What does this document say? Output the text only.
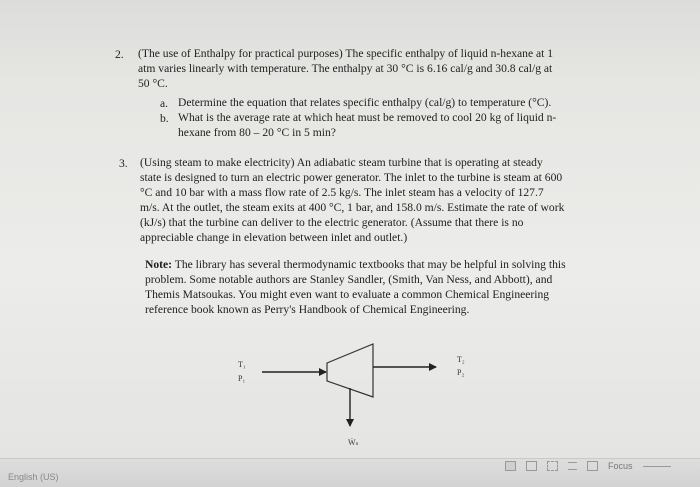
2. (The use of Enthalpy for practical purposes) The specific enthalpy of liquid n-hexane at 1
atm varies linearly with temperature. The enthalpy at 30 °C is 6.16 cal/g and 30.8 cal/g at
50 °C.
a. Determine the equation that relates specific enthalpy (cal/g) to temperature (°C).
b. What is the average rate at which heat must be removed to cool 20 kg of liquid n-
hexane from 80 – 20 °C in 5 min?
3. (Using steam to make electricity) An adiabatic steam turbine that is operating at steady
state is designed to turn an electric power generator. The inlet to the turbine is steam at 600
°C and 10 bar with a mass flow rate of 2.5 kg/s. The inlet steam has a velocity of 127.7
m/s. At the outlet, the steam exits at 400 °C, 1 bar, and 158.0 m/s. Estimate the rate of work
(kJ/s) that the turbine can deliver to the electric generator. (Assume that there is no
appreciable change in elevation between inlet and outlet.)
Note: The library has several thermodynamic textbooks that may be helpful in solving this
problem. Some notable authors are Stanley Sandler, (Smith, Van Ness, and Abbott), and
Themis Matsoukas. You might even want to evaluate a common Chemical Engineering
reference book known as Perry's Handbook of Chemical Engineering.
T₁
P₁
T₂
P₂
Ẇₛ
Focus
English (US)
